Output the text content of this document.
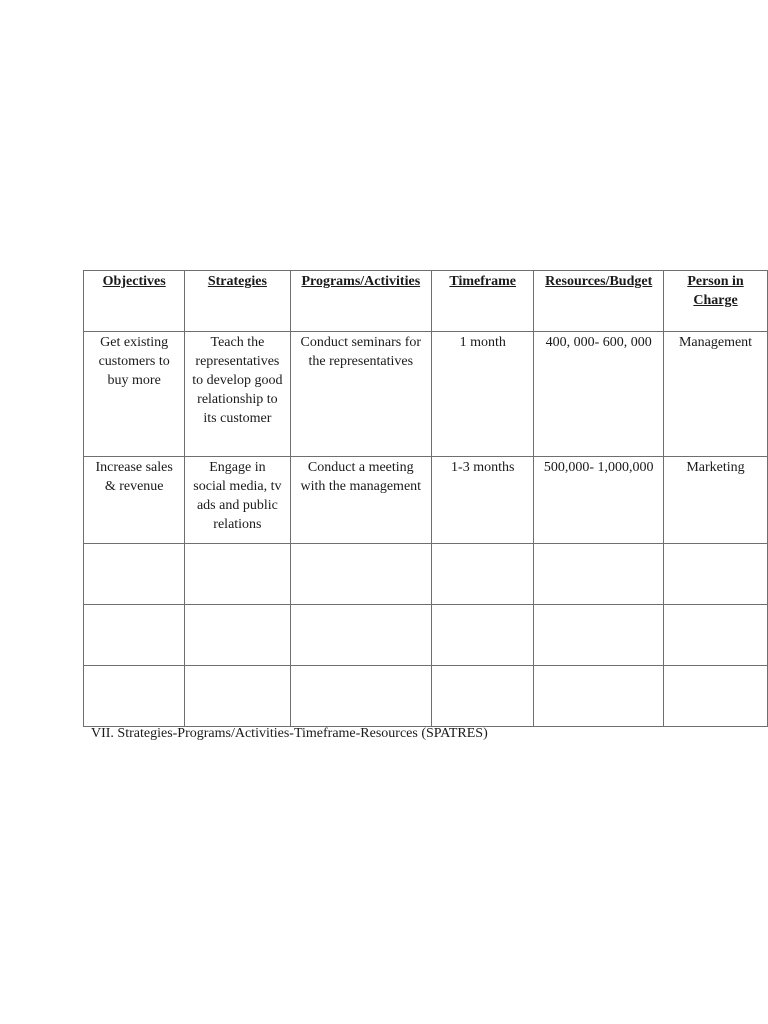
Objectives	Strategies	Programs/Activities	Timeframe	Resources/Budget	Person in Charge
Get existing customers to buy more	Teach the representatives to develop good relationship to its customer	Conduct seminars for the representatives	1 month	400, 000- 600, 000	Management
Increase sales & revenue	Engage in social media, tv ads and public relations	Conduct a meeting with the management	1-3 months	500,000- 1,000,000	Marketing

VII. Strategies-Programs/Activities-Timeframe-Resources (SPATRES)
